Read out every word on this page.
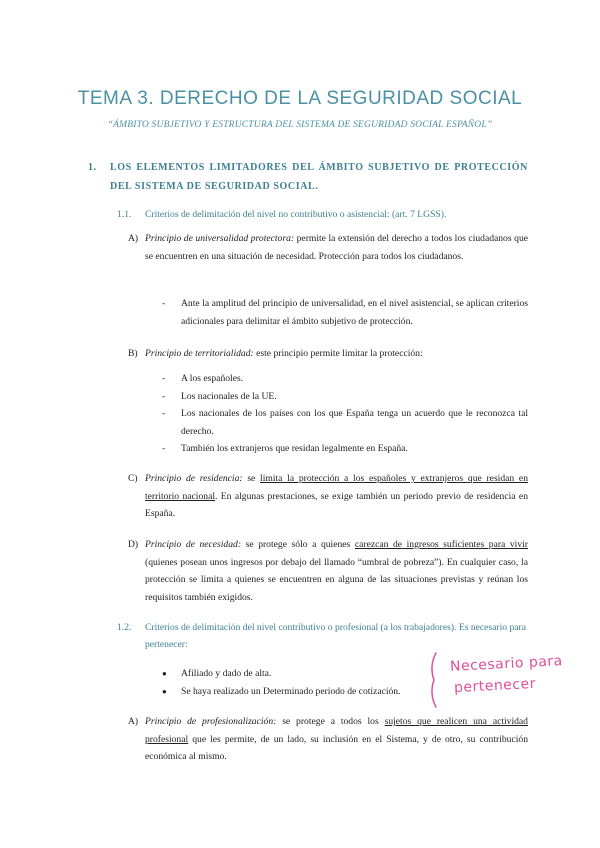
TEMA 3. DERECHO DE LA SEGURIDAD SOCIAL
“ÁMBITO SUBJETIVO Y ESTRUCTURA DEL SISTEMA DE SEGURIDAD SOCIAL ESPAÑOL”
1. LOS ELEMENTOS LIMITADORES DEL ÁMBITO SUBJETIVO DE PROTECCIÓN DEL SISTEMA DE SEGURIDAD SOCIAL.
1.1. Criterios de delimitación del nivel no contributivo o asistencial: (art. 7 LGSS).
A) Principio de universalidad protectora: permite la extensión del derecho a todos los ciudadanos que se encuentren en una situación de necesidad. Protección para todos los ciudadanos.
- Ante la amplitud del principio de universalidad, en el nivel asistencial, se aplican criterios adicionales para delimitar el ámbito subjetivo de protección.
B) Principio de territorialidad: este principio permite limitar la protección:
- A los españoles.
- Los nacionales de la UE.
- Los nacionales de los países con los que España tenga un acuerdo que le reconozca tal derecho.
- También los extranjeros que residan legalmente en España.
C) Principio de residencia: se limita la protección a los españoles y extranjeros que residan en territorio nacional. En algunas prestaciones, se exige también un periodo previo de residencia en España.
D) Principio de necesidad: se protege sólo a quienes carezcan de ingresos suficientes para vivir (quienes posean unos ingresos por debajo del llamado “umbral de pobreza”). En cualquier caso, la protección se limita a quienes se encuentren en alguna de las situaciones previstas y reúnan los requisitos también exigidos.
1.2. Criterios de delimitación del nivel contributivo o profesional (a los trabajadores). Es necesario para pertenecer:
● Afiliado y dado de alta.
● Se haya realizado un Determinado periodo de cotización.
Necesario para
pertenecer
A) Principio de profesionalización: se protege a todos los sujetos que realicen una actividad profesional que les permite, de un lado, su inclusión en el Sistema, y de otro, su contribución económica al mismo.
